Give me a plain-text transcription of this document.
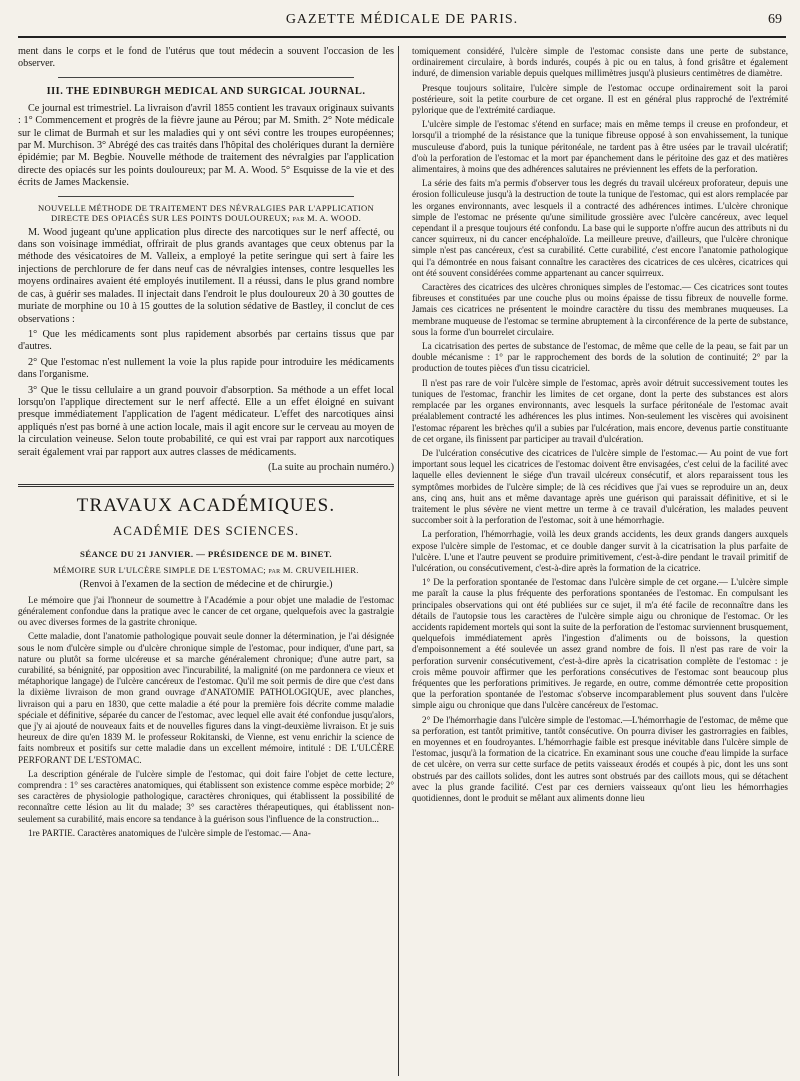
GAZETTE MÉDICALE DE PARIS.	69

ment dans le corps et le fond de l'utérus que tout médecin a souvent l'occasion de les observer.

III. THE EDINBURGH MEDICAL AND SURGICAL JOURNAL.

Ce journal est trimestriel. La livraison d'avril 1855 contient les travaux originaux suivants : 1° Commencement et progrès de la fièvre jaune au Pérou; par M. Smith. 2° Note médicale sur le climat de Burmah et sur les maladies qui y ont sévi contre les troupes européennes; par M. Murchison. 3° Abrégé des cas traités dans l'hôpital des cholériques durant la dernière épidémie; par M. Begbie. Nouvelle méthode de traitement des névralgies par l'application directe des opiacés sur les points douloureux; par M. A. Wood. 5° Esquisse de la vie et des écrits de James Mackensie.

NOUVELLE MÉTHODE DE TRAITEMENT DES NÉVRALGIES PAR L'APPLICATION DIRECTE DES OPIACÉS SUR LES POINTS DOULOUREUX; par M. A. WOOD.

M. Wood jugeant qu'une application plus directe des narcotiques sur le nerf affecté, ou dans son voisinage immédiat, offrirait de plus grands avantages que ceux obtenus par la méthode des vésicatoires de M. Valleix, a employé la petite seringue qui sert à faire les injections de perchlorure de fer dans neuf cas de névralgies intenses, contre lesquelles les moyens ordinaires avaient été employés inutilement. Il a réussi, dans le plus grand nombre de cas, à guérir ses malades. Il injectait dans l'endroit le plus douloureux 20 à 30 gouttes de muriate de morphine ou 10 à 15 gouttes de la solution sédative de Bastley, il conclut de ces observations :

1° Que les médicaments sont plus rapidement absorbés par certains tissus que par d'autres.

2° Que l'estomac n'est nullement la voie la plus rapide pour introduire les médicaments dans l'organisme.

3° Que le tissu cellulaire a un grand pouvoir d'absorption. Sa méthode a un effet local lorsqu'on l'applique directement sur le nerf affecté. Elle a un effet éloigné en suivant presque immédiatement l'application de l'agent médicateur. L'effet des narcotiques ainsi appliqués n'est pas borné à une action locale, mais il agit encore sur le cerveau au moyen de la circulation veineuse. Selon toute probabilité, ce qui est vrai par rapport aux narcotiques serait également vrai par rapport aux autres classes de médicaments.

(La suite au prochain numéro.)

TRAVAUX ACADÉMIQUES.
ACADÉMIE DES SCIENCES.
SÉANCE DU 21 JANVIER. — PRÉSIDENCE DE M. BINET.
MÉMOIRE SUR L'ULCÈRE SIMPLE DE L'ESTOMAC; par M. CRUVEILHIER.

(Renvoi à l'examen de la section de médecine et de chirurgie.)

Le mémoire que j'ai l'honneur de soumettre à l'Académie a pour objet une maladie de l'estomac généralement confondue dans la pratique avec le cancer de cet organe, quelquefois avec la gastralgie ou avec diverses formes de la gastrite chronique.

Cette maladie, dont l'anatomie pathologique pouvait seule donner la détermination, je l'ai désignée sous le nom d'ulcère simple ou d'ulcère chronique simple de l'estomac, pour indiquer, d'une part, sa nature ou plutôt sa forme ulcéreuse et sa marche généralement chronique; d'une autre part, sa curabilité, sa bénignité, par opposition avec l'incurabilité, la malignité (on me pardonnera ce vieux et métaphorique langage) de l'ulcère cancéreux de l'estomac. Qu'il me soit permis de dire que c'est dans la dixième livraison de mon grand ouvrage d'ANATOMIE PATHOLOGIQUE, avec planches, livraison qui a paru en 1830, que cette maladie a été pour la première fois décrite comme maladie spéciale et définitive, séparée du cancer de l'estomac, avec lequel elle avait été confondue jusqu'alors, que j'y ai ajouté de nouveaux faits et de nouvelles figures dans la vingt-deuxième livraison. Et je suis heureux de dire qu'en 1839 M. le professeur Rokitanski, de Vienne, est venu enrichir la science de faits nombreux et positifs sur cette maladie dans un excellent mémoire, intitulé : DE L'ULCÈRE PERFORANT DE L'ESTOMAC.

La description générale de l'ulcère simple de l'estomac, qui doit faire l'objet de cette lecture, comprendra : 1° ses caractères anatomiques, qui établissent son existence comme espèce morbide; 2° ses caractères de physiologie pathologique, caractères chroniques, qui établissent la possibilité de reconnaître cette lésion au lit du malade; 3° ses caractères thérapeutiques, qui établissent non-seulement sa curabilité, mais encore sa tendance à la guérison sous l'influence de la construction...

1re PARTIE. Caractères anatomiques de l'ulcère simple de l'estomac.— Ana-

tomiquement considéré, l'ulcère simple de l'estomac consiste dans une perte de substance, ordinairement circulaire, à bords indurés, coupés à pic ou en talus, à fond grisâtre et également induré, de dimension variable depuis quelques millimètres jusqu'à plusieurs centimètres de diamètre.

Presque toujours solitaire, l'ulcère simple de l'estomac occupe ordinairement soit la paroi postérieure, soit la petite courbure de cet organe. Il est en général plus rapproché de l'extrémité pylorique que de l'extrémité cardiaque.

L'ulcère simple de l'estomac s'étend en surface; mais en même temps il creuse en profondeur, et lorsqu'il a triomphé de la résistance que la tunique fibreuse opposé à son envahissement, la tunique musculeuse d'abord, puis la tunique péritonéale, ne tardent pas à être usées par le travail ulcératif; d'où la perforation de l'estomac et la mort par épanchement dans le péritoine des gaz et des matières alimentaires, à moins que des adhérences salutaires ne préviennent les effets de la perforation.

La série des faits m'a permis d'observer tous les degrés du travail ulcéreux proforateur, depuis une érosion folliculeuse jusqu'à la destruction de toute la tunique de l'estomac, qui est alors remplacée par les organes environnants, avec lesquels il a contracté des adhérences intimes. L'ulcère chronique simple de l'estomac ne présente qu'une similitude grossière avec l'ulcère cancéreux, avec lequel cependant il a presque toujours été confondu. La base qui le supporte n'offre aucun des attributs ni du cancer squirreux, ni du cancer encéphaloïde. La meilleure preuve, d'ailleurs, que l'ulcère chronique simple n'est pas cancéreux, c'est sa curabilité. Cette curabilité, c'est encore l'anatomie pathologique qui l'a démontrée en nous faisant connaître les caractères des cicatrices de ces ulcères, cicatrices qui ont été souvent considérées comme appartenant au cancer squirreux.

Caractères des cicatrices des ulcères chroniques simples de l'estomac.— Ces cicatrices sont toutes fibreuses et constituées par une couche plus ou moins épaisse de tissu fibreux de nouvelle forme. Jamais ces cicatrices ne présentent le moindre caractère du tissu des membranes muqueuses. La membrane muqueuse de l'estomac se termine abruptement à la circonférence de la perte de substance, sous la forme d'un bourrelet circulaire.

La cicatrisation des pertes de substance de l'estomac, de même que celle de la peau, se fait par un double mécanisme : 1° par le rapprochement des bords de la solution de continuité; 2° par la production de toutes pièces d'un tissu cicatriciel.

Il n'est pas rare de voir l'ulcère simple de l'estomac, après avoir détruit successivement toutes les tuniques de l'estomac, franchir les limites de cet organe, dont la perte des substances est alors remplacée par les organes environnants, avec lesquels la surface péritonéale de l'estomac avait préalablement contracté les adhérences les plus intimes. Non-seulement les viscères qui avoisinent l'estomac réparent les brèches qu'il a subies par l'ulcération, mais encore, devenus partie constituante de cet organe, ils finissent par participer au travail d'ulcération.

De l'ulcération consécutive des cicatrices de l'ulcère simple de l'estomac.— Au point de vue fort important sous lequel les cicatrices de l'estomac doivent être envisagées, c'est celui de la facilité avec laquelle elles deviennent le siége d'un travail ulcéreux consécutif, et alors reparaissent tous les symptômes morbides de l'ulcère simple; de là ces récidives que j'ai vues se reproduire un an, deux ans, cinq ans, huit ans et même davantage après une guérison qui paraissait définitive, et si le traitement le plus sévère ne vient mettre un terme à ce travail d'ulcération, les malades peuvent succomber soit à la perforation de l'estomac, soit à une hémorrhagie.

La perforation, l'hémorrhagie, voilà les deux grands accidents, les deux grands dangers auxquels expose l'ulcère simple de l'estomac, et ce double danger survit à la cicatrisation la plus parfaite de l'ulcère. L'une et l'autre peuvent se produire primitivement, c'est-à-dire pendant le travail primitif de l'ulcération, ou consécutivement, c'est-à-dire après la formation de la cicatrice.

1° De la perforation spontanée de l'estomac dans l'ulcère simple de cet organe.— L'ulcère simple me paraît la cause la plus fréquente des perforations spontanées de l'estomac. En compulsant les principales observations qui ont été publiées sur ce sujet, il m'a été facile de reconnaître dans les détails de l'autopsie tous les caractères de l'ulcère simple aigu ou chronique de l'estomac. Or les accidents rapidement mortels qui sont la suite de la perforation de l'estomac surviennent brusquement, quelquefois immédiatement après l'ingestion d'aliments ou de boissons, la question d'empoisonnement a été soulevée un assez grand nombre de fois. Il n'est pas rare de voir la perforation survenir consécutivement, c'est-à-dire après la cicatrisation complète de l'estomac : je crois même pouvoir affirmer que les perforations consécutives de l'estomac sont beaucoup plus fréquentes que les perforations primitives. Je regarde, en outre, comme démontrée cette proposition que la perforation spontanée de l'estomac s'observe incomparablement plus souvent dans l'ulcère simple aigu ou chronique que dans l'ulcère cancéreux de l'estomac.

2° De l'hémorrhagie dans l'ulcère simple de l'estomac.—L'hémorrhagie de l'estomac, de même que sa perforation, est tantôt primitive, tantôt consécutive. On pourra diviser les gastrorragies en faibles, en moyennes et en foudroyantes. L'hémorrhagie faible est presque inévitable dans l'ulcère simple de l'estomac, jusqu'à la formation de la cicatrice. En examinant sous une couche d'eau limpide la surface de cet ulcère, on verra sur cette surface de petits vaisseaux érodés et coupés à pic, dont les uns sont obstrués par des caillots solides, dont les autres sont obstrués par des caillots mous, qui se détachent avec la plus grande facilité. C'est par ces derniers vaisseaux qu'ont lieu les hémorrhagies quotidiennes, dont le produit se mêlant aux aliments donne lieu
